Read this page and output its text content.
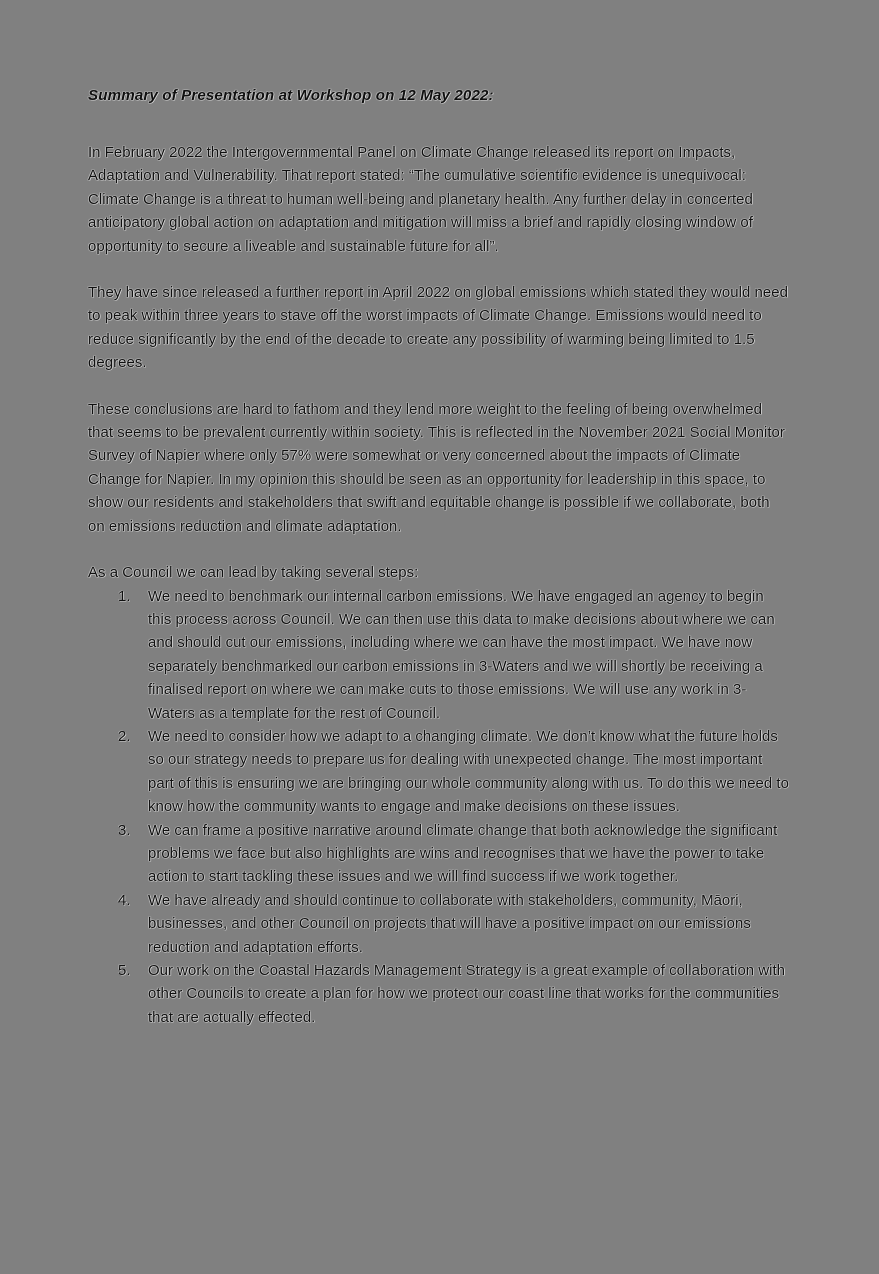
Summary of Presentation at Workshop on 12 May 2022:

In February 2022 the Intergovernmental Panel on Climate Change released its report on Impacts, Adaptation and Vulnerability. That report stated: “The cumulative scientific evidence is unequivocal: Climate Change is a threat to human well-being and planetary health. Any further delay in concerted anticipatory global action on adaptation and mitigation will miss a brief and rapidly closing window of opportunity to secure a liveable and sustainable future for all”.

They have since released a further report in April 2022 on global emissions which stated they would need to peak within three years to stave off the worst impacts of Climate Change. Emissions would need to reduce significantly by the end of the decade to create any possibility of warming being limited to 1.5 degrees.

These conclusions are hard to fathom and they lend more weight to the feeling of being overwhelmed that seems to be prevalent currently within society. This is reflected in the November 2021 Social Monitor Survey of Napier where only 57% were somewhat or very concerned about the impacts of Climate Change for Napier. In my opinion this should be seen as an opportunity for leadership in this space, to show our residents and stakeholders that swift and equitable change is possible if we collaborate, both on emissions reduction and climate adaptation.

As a Council we can lead by taking several steps:

We need to benchmark our internal carbon emissions. We have engaged an agency to begin this process across Council. We can then use this data to make decisions about where we can and should cut our emissions, including where we can have the most impact. We have now separately benchmarked our carbon emissions in 3-Waters and we will shortly be receiving a finalised report on where we can make cuts to those emissions. We will use any work in 3-Waters as a template for the rest of Council.
We need to consider how we adapt to a changing climate. We don’t know what the future holds so our strategy needs to prepare us for dealing with unexpected change. The most important part of this is ensuring we are bringing our whole community along with us. To do this we need to know how the community wants to engage and make decisions on these issues.
We can frame a positive narrative around climate change that both acknowledge the significant problems we face but also highlights are wins and recognises that we have the power to take action to start tackling these issues and we will find success if we work together.
We have already and should continue to collaborate with stakeholders, community, Māori, businesses, and other Council on projects that will have a positive impact on our emissions reduction and adaptation efforts.
Our work on the Coastal Hazards Management Strategy is a great example of collaboration with other Councils to create a plan for how we protect our coast line that works for the communities that are actually effected.
